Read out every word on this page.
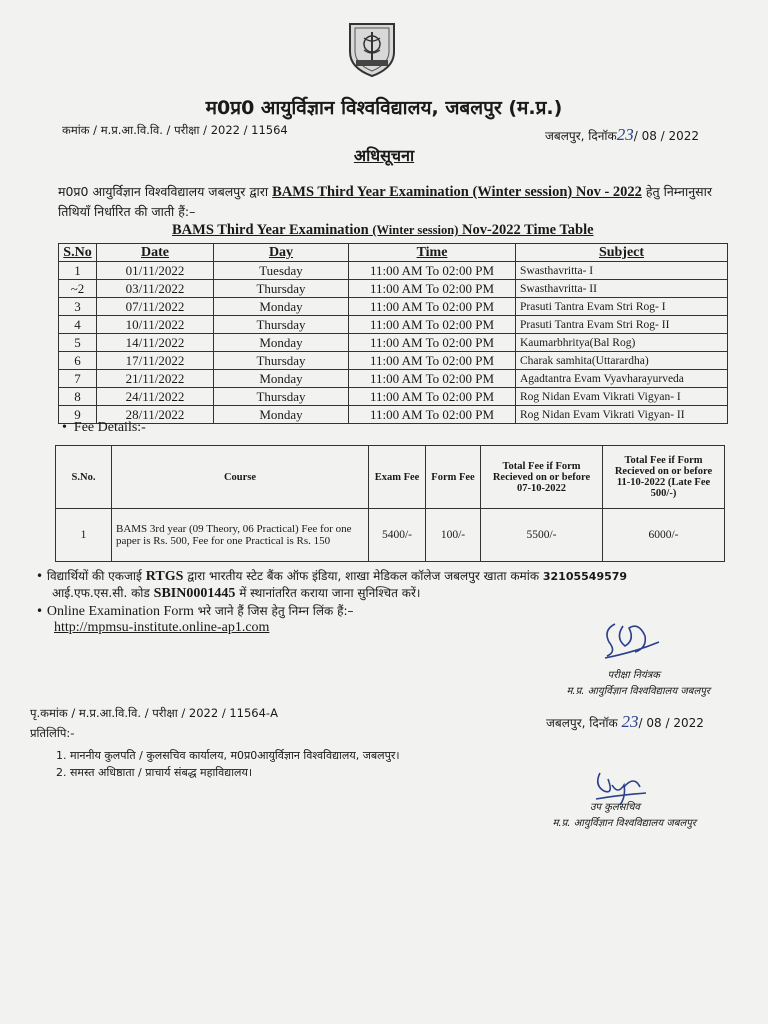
म0प्र0 आयुर्विज्ञान विश्वविद्यालय, जबलपुर (म.प्र.)
कमांक / म.प्र.आ.वि.वि. / परीक्षा / 2022 / 11564	जबलपुर, दिनॉक23/ 08 / 2022
अधिसूचना
म0प्र0 आयुर्विज्ञान विश्वविद्यालय जबलपुर द्वारा BAMS Third Year Examination (Winter session) Nov - 2022 हेतु निम्नानुसार तिथियॉं निर्धारित की जाती हैं:–
BAMS Third Year Examination (Winter session) Nov-2022 Time Table
S.No	Date	Day	Time	Subject
1	01/11/2022	Tuesday	11:00 AM To 02:00 PM	Swasthavritta- I
~2	03/11/2022	Thursday	11:00 AM To 02:00 PM	Swasthavritta- II
3	07/11/2022	Monday	11:00 AM To 02:00 PM	Prasuti Tantra Evam Stri Rog- I
4	10/11/2022	Thursday	11:00 AM To 02:00 PM	Prasuti Tantra Evam Stri Rog- II
5	14/11/2022	Monday	11:00 AM To 02:00 PM	Kaumarbhritya(Bal Rog)
6	17/11/2022	Thursday	11:00 AM To 02:00 PM	Charak samhita(Uttarardha)
7	21/11/2022	Monday	11:00 AM To 02:00 PM	Agadtantra Evam Vyavharayurveda
8	24/11/2022	Thursday	11:00 AM To 02:00 PM	Rog Nidan Evam Vikrati Vigyan- I
9	28/11/2022	Monday	11:00 AM To 02:00 PM	Rog Nidan Evam Vikrati Vigyan- II
•  Fee Details:-
S.No.	Course	Exam Fee	Form Fee	Total Fee if Form Recieved on or before 07-10-2022	Total Fee if Form Recieved on or before 11-10-2022 (Late Fee 500/-)
1	BAMS 3rd year (09 Theory, 06 Practical) Fee for one paper is Rs. 500, Fee for one Practical is Rs. 150	5400/-	100/-	5500/-	6000/-
• विद्यार्थियों की एकजाई RTGS द्वारा भारतीय स्टेट बैंक ऑफ इंडिया, शाखा मेडिकल कॉलेज जबलपुर खाता कमांक 32105549579
आई.एफ.एस.सी. कोड SBIN0001445 में स्थानांतरित कराया जाना सुनिश्चित करें।
• Online Examination Form भरे जाने हैं जिस हेतु निम्न लिंक हैं:–
http://mpmsu-institute.online-ap1.com
परीक्षा नियंत्रक
म.प्र. आयुर्विज्ञान विश्वविद्यालय जबलपुर
पृ.कमांक / म.प्र.आ.वि.वि. / परीक्षा / 2022 / 11564-A
जबलपुर, दिनॉक 23/ 08 / 2022
प्रतिलिपि:-
1. माननीय कुलपति / कुलसचिव कार्यालय, म0प्र0आयुर्विज्ञान विश्वविद्यालय, जबलपुर।
2. समस्त अधिष्ठाता / प्राचार्य संबद्ध महाविद्यालय।
उप कुलसचिव
म.प्र. आयुर्विज्ञान विश्वविद्यालय जबलपुर
